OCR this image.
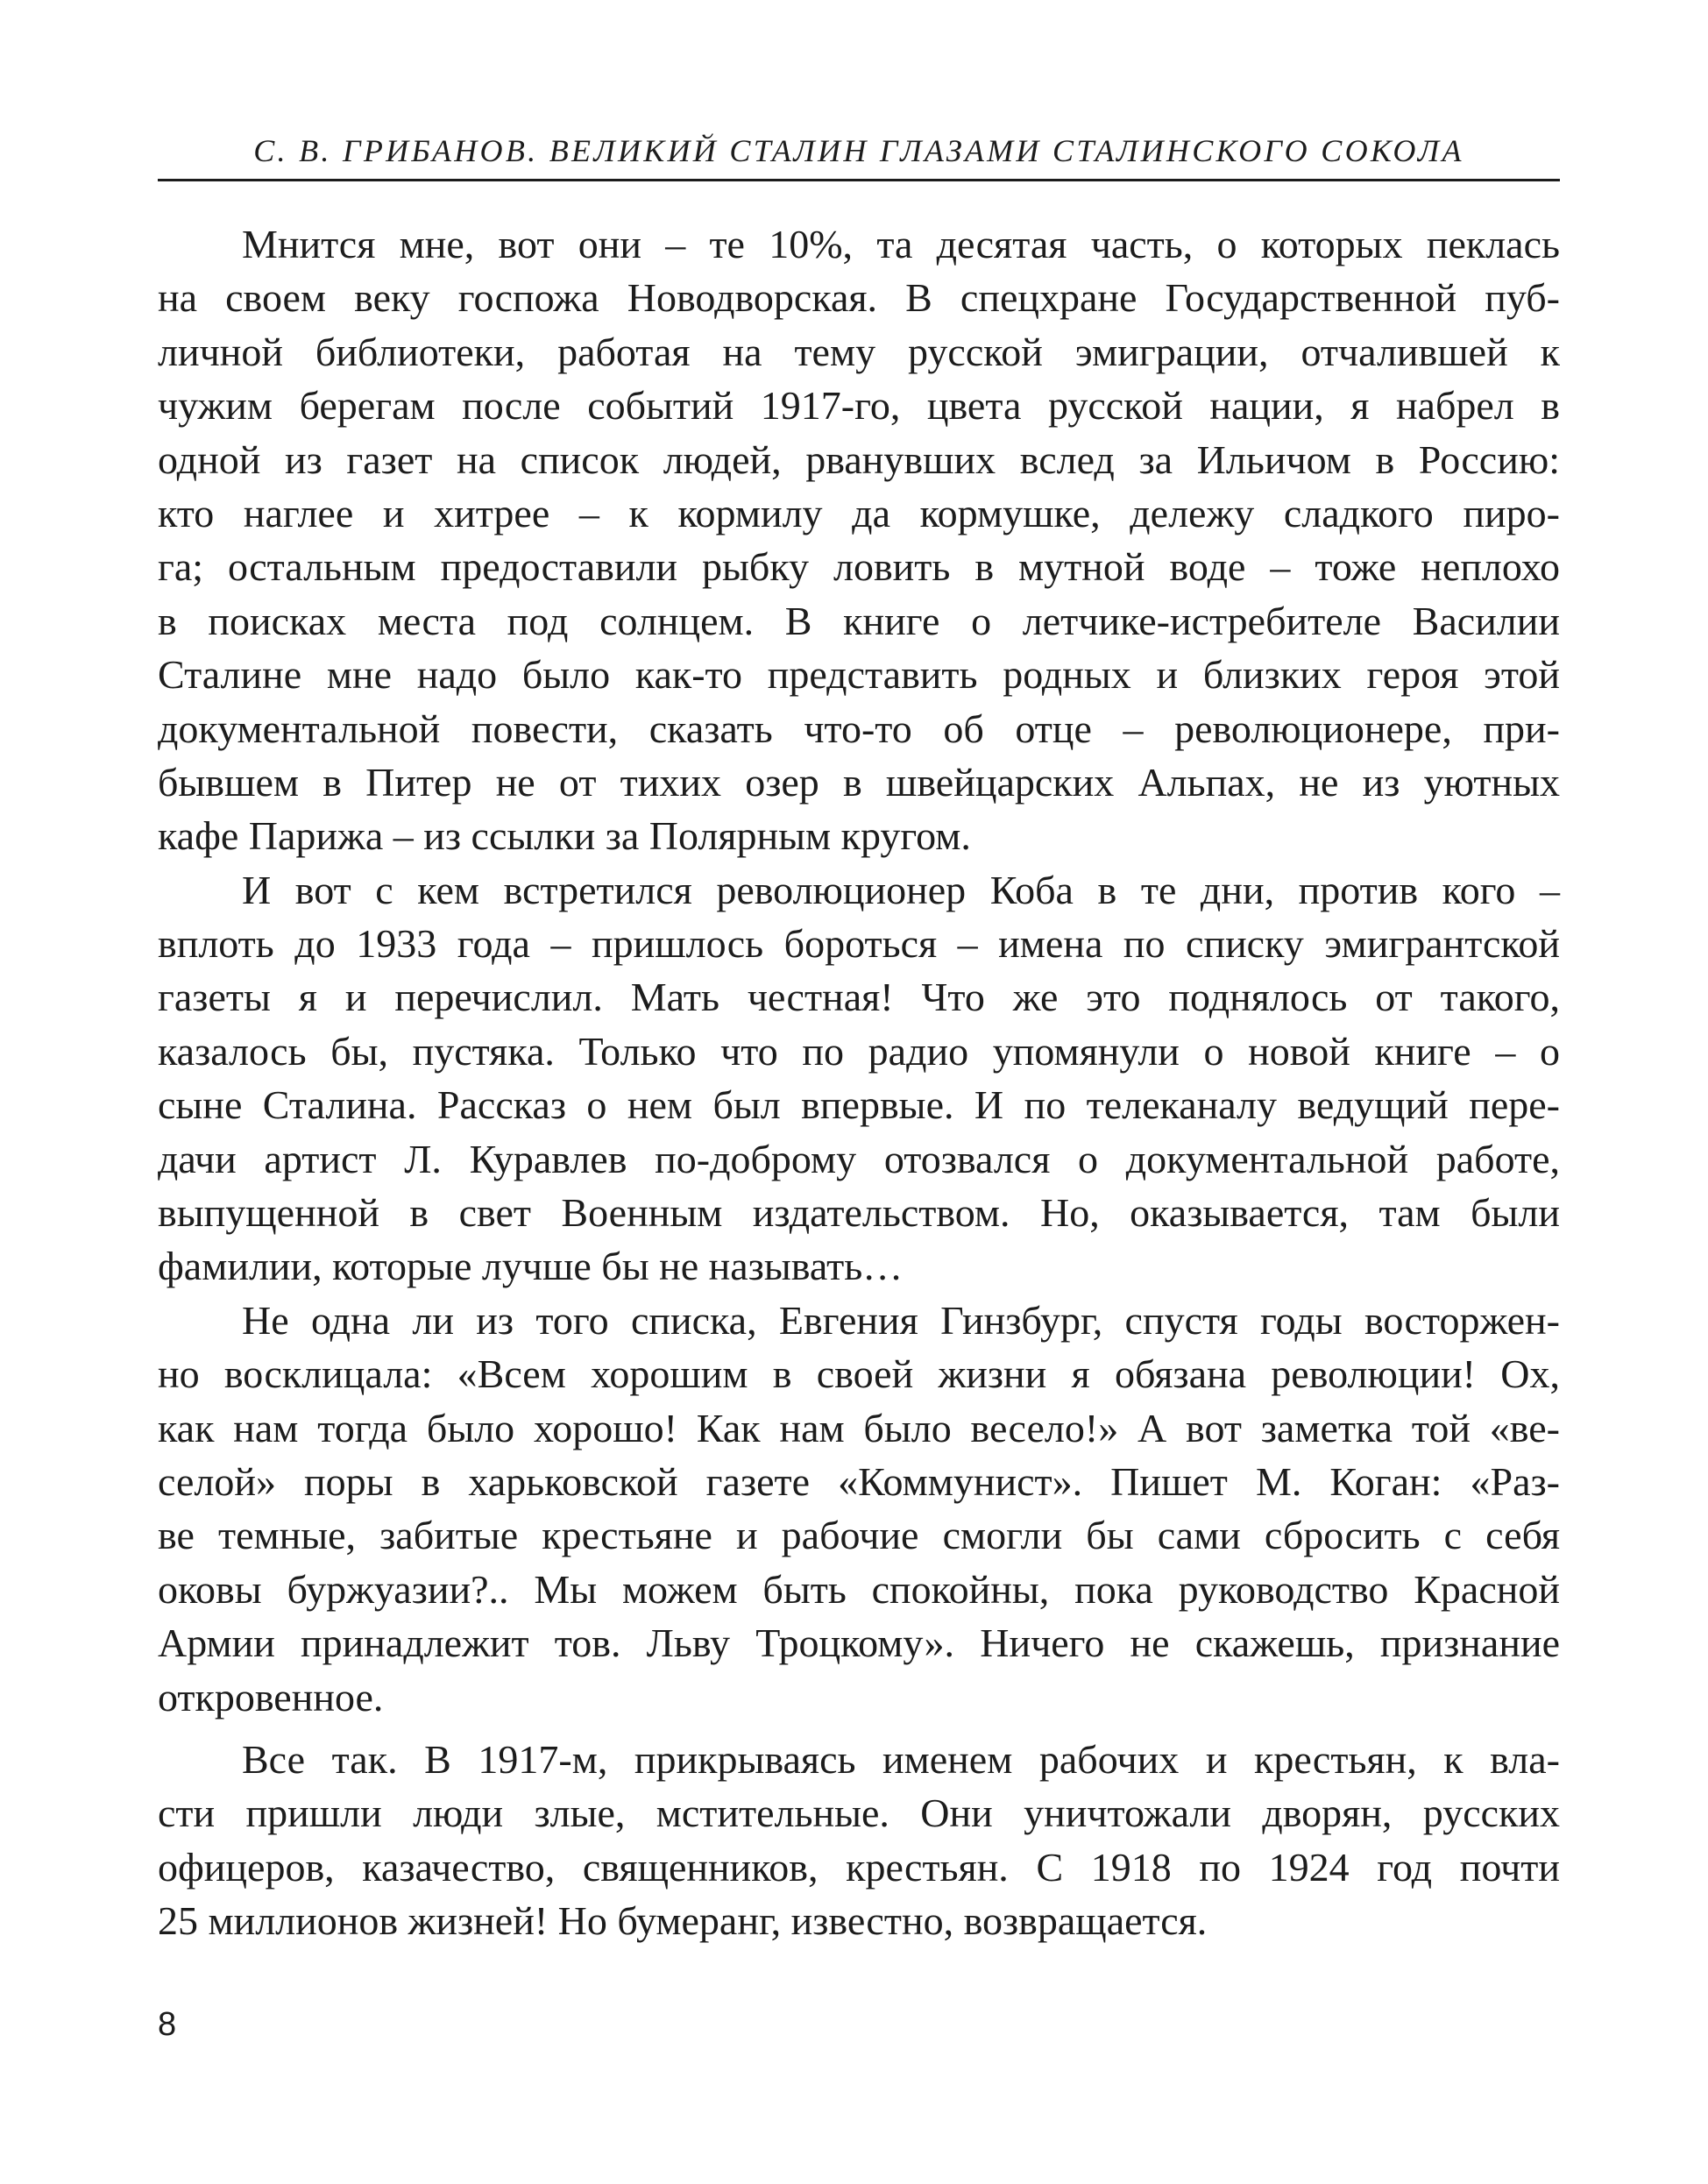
С. В. ГРИБАНОВ. ВЕЛИКИЙ СТАЛИН ГЛАЗАМИ СТАЛИНСКОГО СОКОЛА
Мнится мне, вот они – те 10%, та десятая часть, о которых пеклась
на своем веку госпожа Новодворская. В спецхране Государственной пуб-
личной библиотеки, работая на тему русской эмиграции, отчалившей к
чужим берегам после событий 1917-го, цвета русской нации, я набрел в
одной из газет на список людей, рванувших вслед за Ильичом в Россию:
кто наглее и хитрее – к кормилу да кормушке, дележу сладкого пиро-
га; остальным предоставили рыбку ловить в мутной воде – тоже неплохо
в поисках места под солнцем. В книге о летчике-истребителе Василии
Сталине мне надо было как-то представить родных и близких героя этой
документальной повести, сказать что-то об отце – революционере, при-
бывшем в Питер не от тихих озер в швейцарских Альпах, не из уютных
кафе Парижа – из ссылки за Полярным кругом.
И вот с кем встретился революционер Коба в те дни, против кого –
вплоть до 1933 года – пришлось бороться – имена по списку эмигрантской
газеты я и перечислил. Мать честная! Что же это поднялось от такого,
казалось бы, пустяка. Только что по радио упомянули о новой книге – о
сыне Сталина. Рассказ о нем был впервые. И по телеканалу ведущий пере-
дачи артист Л. Куравлев по-доброму отозвался о документальной работе,
выпущенной в свет Военным издательством. Но, оказывается, там были
фамилии, которые лучше бы не называть…
Не одна ли из того списка, Евгения Гинзбург, спустя годы восторжен-
но восклицала: «Всем хорошим в своей жизни я обязана революции! Ох,
как нам тогда было хорошо! Как нам было весело!» А вот заметка той «ве-
селой» поры в харьковской газете «Коммунист». Пишет М. Коган: «Раз-
ве темные, забитые крестьяне и рабочие смогли бы сами сбросить с себя
оковы буржуазии?.. Мы можем быть спокойны, пока руководство Красной
Армии принадлежит тов. Льву Троцкому». Ничего не скажешь, признание
откровенное.
Все так. В 1917-м, прикрываясь именем рабочих и крестьян, к вла-
сти пришли люди злые, мстительные. Они уничтожали дворян, русских
офицеров, казачество, священников, крестьян. С 1918 по 1924 год почти
25 миллионов жизней! Но бумеранг, известно, возвращается.
8
